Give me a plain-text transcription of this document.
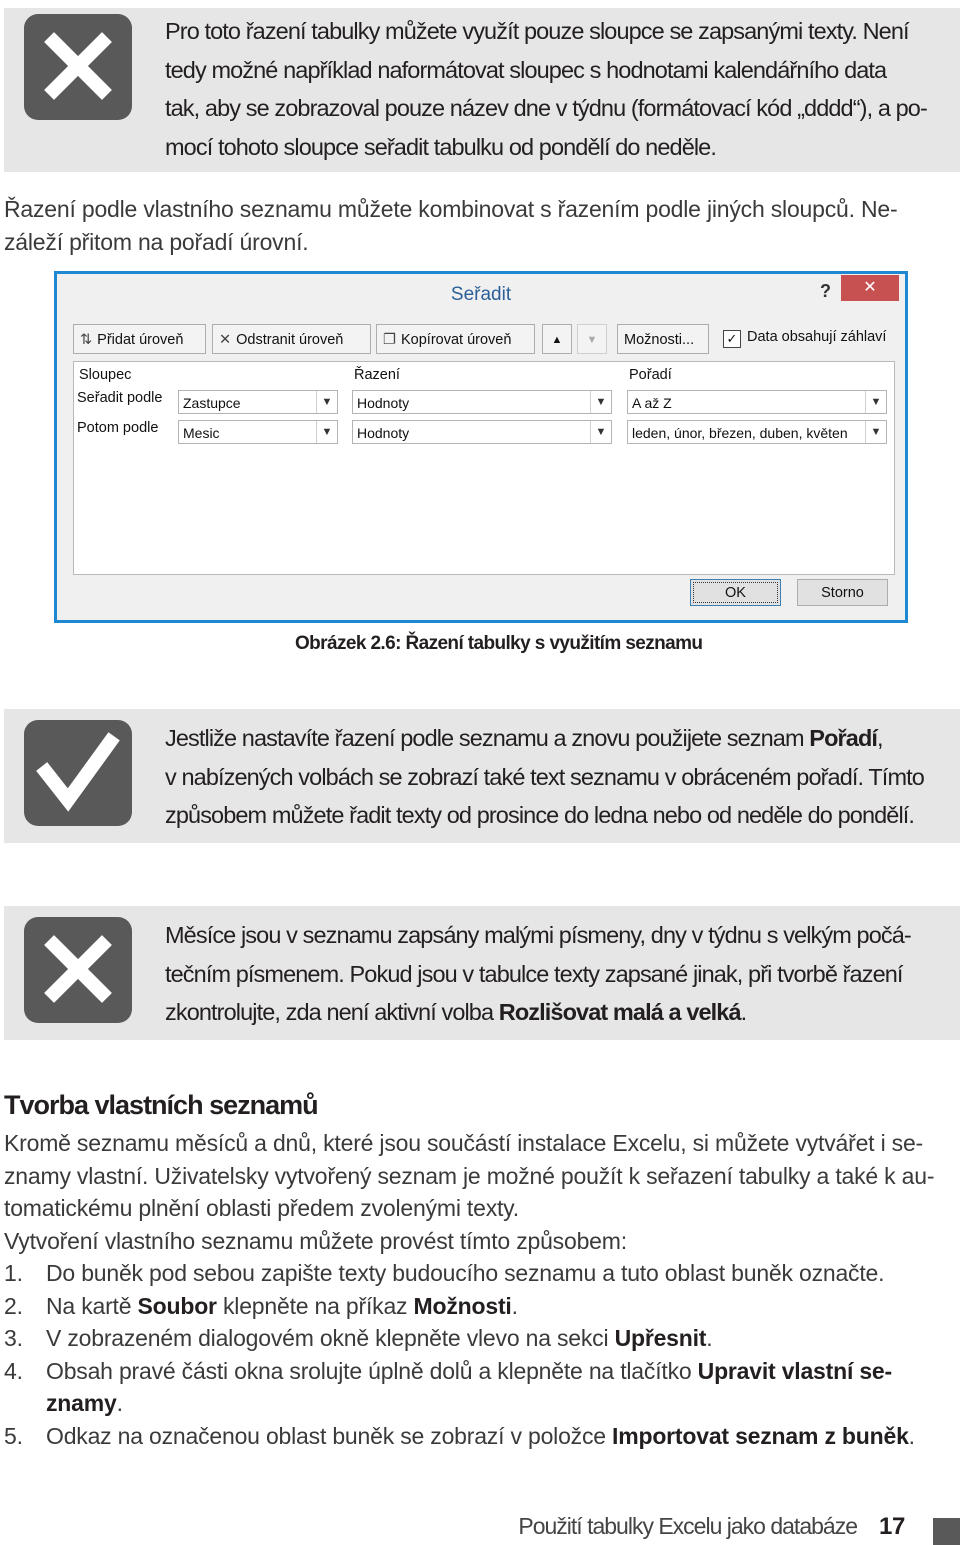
Pro toto řazení tabulky můžete využít pouze sloupce se zapsanými texty. Není
tedy možné například naformátovat sloupec s hodnotami kalendářního data
tak, aby se zobrazoval pouze název dne v týdnu (formátovací kód „dddd“), a po-
mocí tohoto sloupce seřadit tabulku od pondělí do neděle.
Řazení podle vlastního seznamu můžete kombinovat s řazením podle jiných sloupců. Ne-
záleží přitom na pořadí úrovní.
Seřadit	?	✕
⇅ Přidat úroveň	✕ Odstranit úroveň	❐ Kopírovat úroveň	▲	▼	Možnosti...	✓ Data obsahují záhlaví
Sloupec	Řazení	Pořadí
Seřadit podle	Zastupce	▼	Hodnoty	▼	A až Z	▼
Potom podle	Mesic	▼	Hodnoty	▼	leden, únor, březen, duben, květen	▼
OK	Storno
Obrázek 2.6: Řazení tabulky s využitím seznamu
Jestliže nastavíte řazení podle seznamu a znovu použijete seznam Pořadí,
v nabízených volbách se zobrazí také text seznamu v obráceném pořadí. Tímto
způsobem můžete řadit texty od prosince do ledna nebo od neděle do pondělí.
Měsíce jsou v seznamu zapsány malými písmeny, dny v týdnu s velkým počá-
tečním písmenem. Pokud jsou v tabulce texty zapsané jinak, při tvorbě řazení
zkontrolujte, zda není aktivní volba Rozlišovat malá a velká.
Tvorba vlastních seznamů
Kromě seznamu měsíců a dnů, které jsou součástí instalace Excelu, si můžete vytvářet i se-
znamy vlastní. Uživatelsky vytvořený seznam je možné použít k seřazení tabulky a také k au-
tomatickému plnění oblasti předem zvolenými texty.
Vytvoření vlastního seznamu můžete provést tímto způsobem:
1. Do buněk pod sebou zapište texty budoucího seznamu a tuto oblast buněk označte.
2. Na kartě Soubor klepněte na příkaz Možnosti.
3. V zobrazeném dialogovém okně klepněte vlevo na sekci Upřesnit.
4. Obsah pravé části okna srolujte úplně dolů a klepněte na tlačítko Upravit vlastní se-
znamy.
5. Odkaz na označenou oblast buněk se zobrazí v položce Importovat seznam z buněk.
Použití tabulky Excelu jako databáze 17
